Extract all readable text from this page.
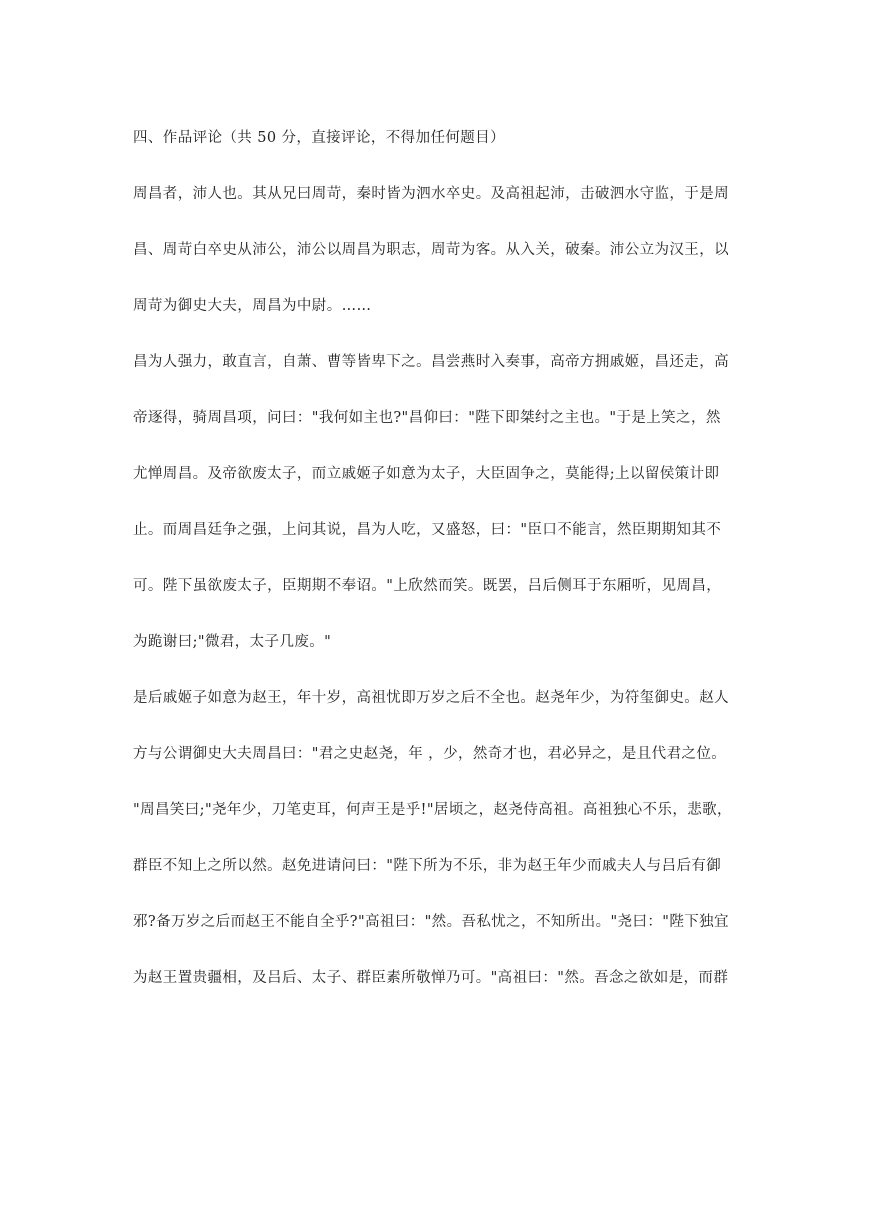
四、作品评论（共 50 分，直接评论，不得加任何题目）

周昌者，沛人也。其从兄曰周苛，秦时皆为泗水卒史。及高祖起沛，击破泗水守监，于是周

昌、周苛白卒史从沛公，沛公以周昌为职志，周苛为客。从入关，破秦。沛公立为汉王，以

周苛为御史大夫，周昌为中尉。……

昌为人强力，敢直言，自萧、曹等皆卑下之。昌尝燕时入奏事，高帝方拥戚姬，昌还走，高

帝逐得，骑周昌项，问曰："我何如主也?"昌仰曰："陛下即桀纣之主也。"于是上笑之，然

尤惮周昌。及帝欲废太子，而立戚姬子如意为太子，大臣固争之，莫能得;上以留侯策计即

止。而周昌廷争之强，上问其说，昌为人吃，又盛怒，曰："臣口不能言，然臣期期知其不

可。陛下虽欲废太子，臣期期不奉诏。"上欣然而笑。既罢，吕后侧耳于东厢听，见周昌，

为跪谢曰;"微君，太子几废。"

是后戚姬子如意为赵王，年十岁，高祖忧即万岁之后不全也。赵尧年少，为符玺御史。赵人

方与公谓御史大夫周昌曰："君之史赵尧，年 ，少，然奇才也，君必异之，是且代君之位。

"周昌笑曰;"尧年少，刀笔吏耳，何声王是乎!"居顷之，赵尧侍高祖。高祖独心不乐，悲歌，

群臣不知上之所以然。赵免进请问曰："陛下所为不乐，非为赵王年少而戚夫人与吕后有御

邪?备万岁之后而赵王不能自全乎?"高祖曰："然。吾私忧之，不知所出。"尧曰："陛下独宜

为赵王置贵疆相，及吕后、太子、群臣素所敬惮乃可。"高祖曰："然。吾念之欲如是，而群
